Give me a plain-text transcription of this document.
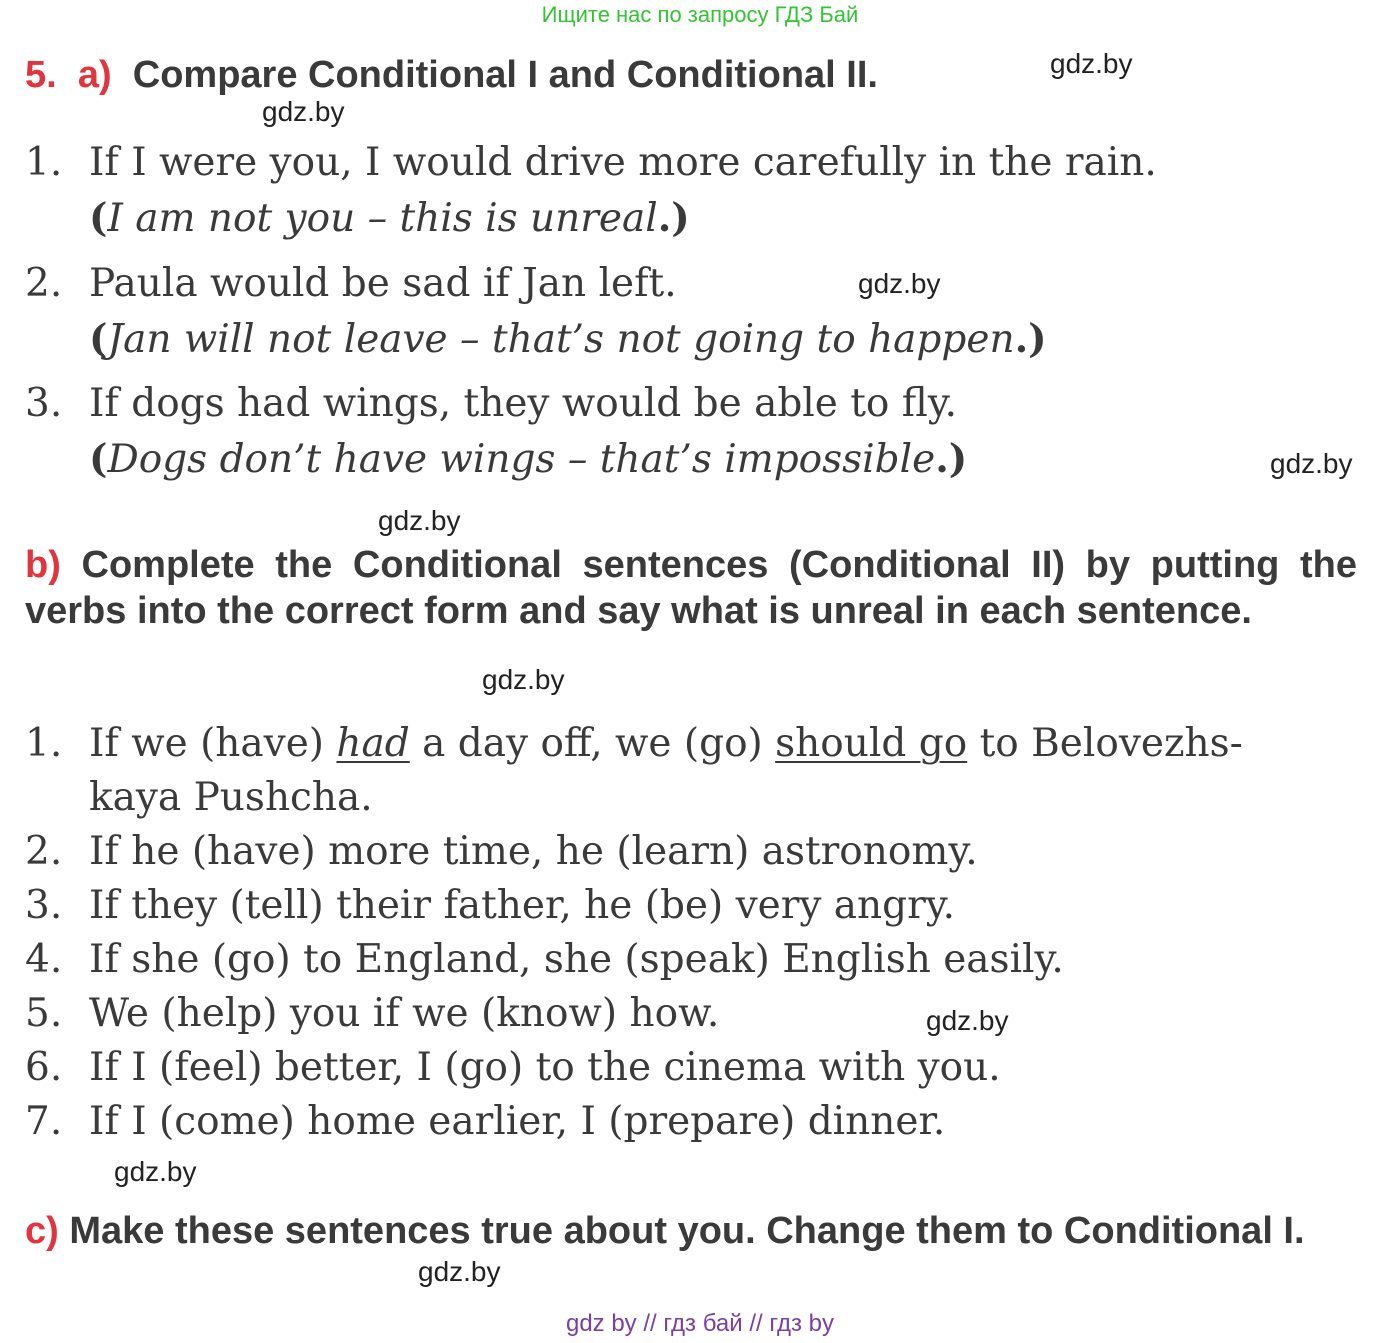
Ищите нас по запросу ГДЗ Бай
5. a) Compare Conditional I and Conditional II.	gdz.by
gdz.by
1. If I were you, I would drive more carefully in the rain.
(I am not you – this is unreal.)
2. Paula would be sad if Jan left.	gdz.by
(Jan will not leave – that’s not going to happen.)
3. If dogs had wings, they would be able to fly.
(Dogs don’t have wings – that’s impossible.)	gdz.by
gdz.by
b) Complete the Conditional sentences (Conditional II) by putting the verbs into the correct form and say what is unreal in each sentence.
gdz.by
1. If we (have) had a day off, we (go) should go to Belovezhs-
kaya Pushcha.
2. If he (have) more time, he (learn) astronomy.
3. If they (tell) their father, he (be) very angry.
4. If she (go) to England, she (speak) English easily.
5. We (help) you if we (know) how.	gdz.by
6. If I (feel) better, I (go) to the cinema with you.
7. If I (come) home earlier, I (prepare) dinner.
gdz.by
c) Make these sentences true about you. Change them to Conditional I.
gdz.by
gdz by // гдз бай // гдз by
